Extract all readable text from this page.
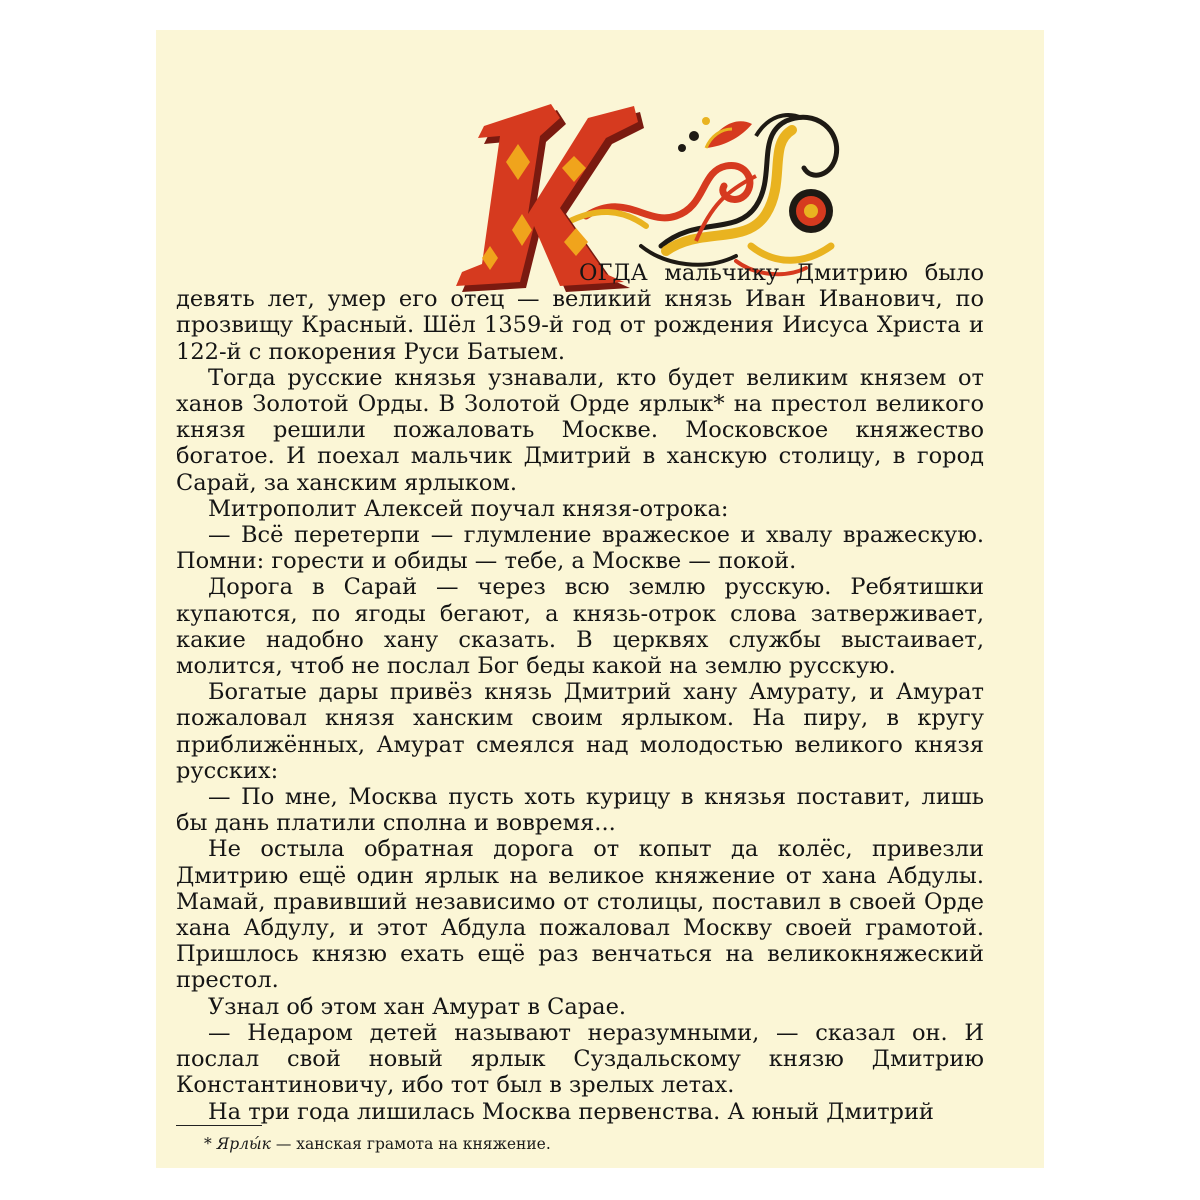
К

ОГДА мальчику Дмитрию было
девять лет, умер его отец — великий князь Иван Иванович, по прозвищу Красный. Шёл 1359-й год от рождения Иисуса Христа и 122-й с покорения Руси Батыем.

Тогда русские князья узнавали, кто будет великим князем от ханов Золотой Орды. В Золотой Орде ярлык* на престол великого князя решили пожаловать Москве. Московское княжество богатое. И поехал мальчик Дмитрий в ханскую столицу, в город Сарай, за ханским ярлыком.

Митрополит Алексей поучал князя-отрока:

— Всё перетерпи — глумление вражеское и хвалу вражескую. Помни: горести и обиды — тебе, а Москве — покой.

Дорога в Сарай — через всю землю русскую. Ребятишки купаются, по ягоды бегают, а князь-отрок слова затверживает, какие надобно хану сказать. В церквях службы выстаивает, молится, чтоб не послал Бог беды какой на землю русскую.

Богатые дары привёз князь Дмитрий хану Амурату, и Амурат пожаловал князя ханским своим ярлыком. На пиру, в кругу приближённых, Амурат смеялся над молодостью великого князя русских:

— По мне, Москва пусть хоть курицу в князья поставит, лишь бы дань платили сполна и вовремя...

Не остыла обратная дорога от копыт да колёс, привезли Дмитрию ещё один ярлык на великое княжение от хана Абдулы. Мамай, правивший независимо от столицы, поставил в своей Орде хана Абдулу, и этот Абдула пожаловал Москву своей грамотой. Пришлось князю ехать ещё раз венчаться на великокняжеский престол.

Узнал об этом хан Амурат в Сарае.

— Недаром детей называют неразумными, — сказал он. И послал свой новый ярлык Суздальскому князю Дмитрию Константиновичу, ибо тот был в зрелых летах.

На три года лишилась Москва первенства. А юный Дмитрий

* Ярлы́к — ханская грамота на княжение.
